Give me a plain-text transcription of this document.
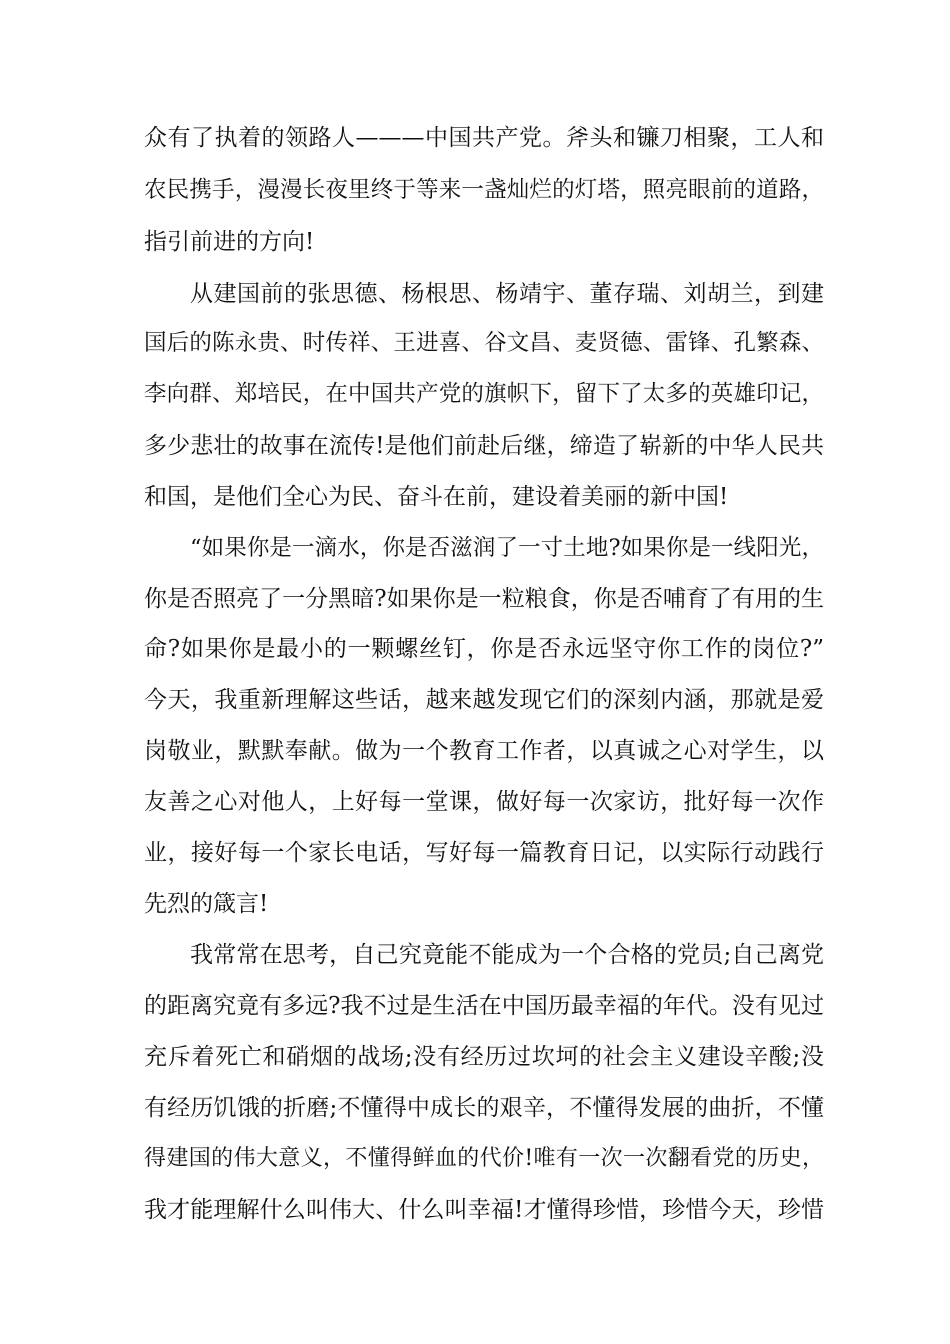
众有了执着的领路人———中国共产党。斧头和镰刀相聚，工人和
农民携手，漫漫长夜里终于等来一盏灿烂的灯塔，照亮眼前的道路，
指引前进的方向!
从建国前的张思德、杨根思、杨靖宇、董存瑞、刘胡兰，到建
国后的陈永贵、时传祥、王进喜、谷文昌、麦贤德、雷锋、孔繁森、
李向群、郑培民，在中国共产党的旗帜下，留下了太多的英雄印记，
多少悲壮的故事在流传!是他们前赴后继，缔造了崭新的中华人民共
和国，是他们全心为民、奋斗在前，建设着美丽的新中国!
“如果你是一滴水，你是否滋润了一寸土地?如果你是一线阳光，
你是否照亮了一分黑暗?如果你是一粒粮食，你是否哺育了有用的生
命?如果你是最小的一颗螺丝钉，你是否永远坚守你工作的岗位?”
今天，我重新理解这些话，越来越发现它们的深刻内涵，那就是爱
岗敬业，默默奉献。做为一个教育工作者，以真诚之心对学生，以
友善之心对他人，上好每一堂课，做好每一次家访，批好每一次作
业，接好每一个家长电话，写好每一篇教育日记，以实际行动践行
先烈的箴言!
我常常在思考，自己究竟能不能成为一个合格的党员;自己离党
的距离究竟有多远?我不过是生活在中国历最幸福的年代。没有见过
充斥着死亡和硝烟的战场;没有经历过坎坷的社会主义建设辛酸;没
有经历饥饿的折磨;不懂得中成长的艰辛，不懂得发展的曲折，不懂
得建国的伟大意义，不懂得鲜血的代价!唯有一次一次翻看党的历史，
我才能理解什么叫伟大、什么叫幸福!才懂得珍惜，珍惜今天，珍惜
